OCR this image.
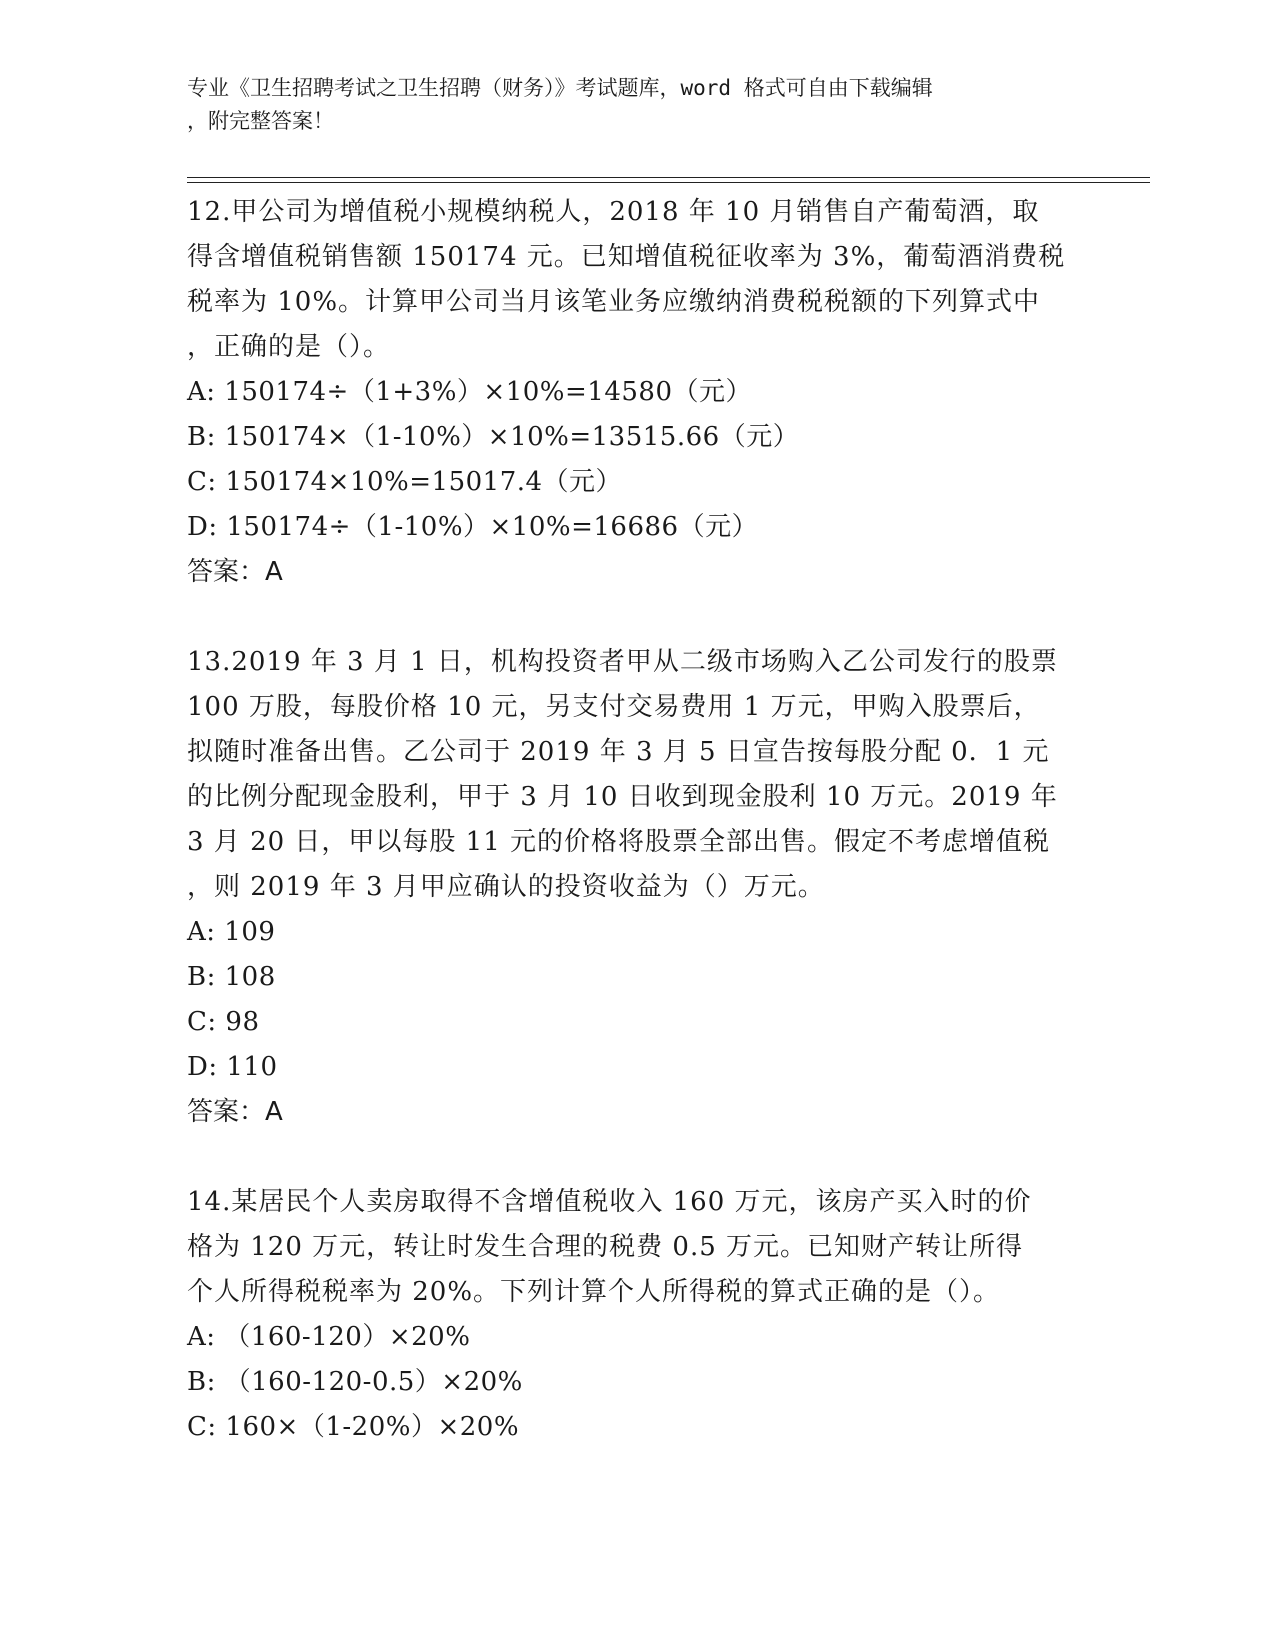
专业《卫生招聘考试之卫生招聘（财务）》考试题库，word 格式可自由下载编辑
，附完整答案！

12.甲公司为增值税小规模纳税人，2018 年 10 月销售自产葡萄酒，取

得含增值税销售额 150174 元。已知增值税征收率为 3%，葡萄酒消费税

税率为 10%。计算甲公司当月该笔业务应缴纳消费税税额的下列算式中

，正确的是（）。

A: 150174÷（1+3%）×10%=14580（元）

B: 150174×（1-10%）×10%=13515.66（元）

C: 150174×10%=15017.4（元）

D: 150174÷（1-10%）×10%=16686（元）

答案：A

13.2019 年 3 月 1 日，机构投资者甲从二级市场购入乙公司发行的股票

100 万股，每股价格 10 元，另支付交易费用 1 万元，甲购入股票后，

拟随时准备出售。乙公司于 2019 年 3 月 5 日宣告按每股分配 0．1 元

的比例分配现金股利，甲于 3 月 10 日收到现金股利 10 万元。2019 年

3 月 20 日，甲以每股 11 元的价格将股票全部出售。假定不考虑增值税

，则 2019 年 3 月甲应确认的投资收益为（）万元。

A: 109

B: 108

C: 98

D: 110

答案：A

14.某居民个人卖房取得不含增值税收入 160 万元，该房产买入时的价

格为 120 万元，转让时发生合理的税费 0.5 万元。已知财产转让所得

个人所得税税率为 20%。下列计算个人所得税的算式正确的是（）。

A: （160-120）×20%

B: （160-120-0.5）×20%

C: 160×（1-20%）×20%
